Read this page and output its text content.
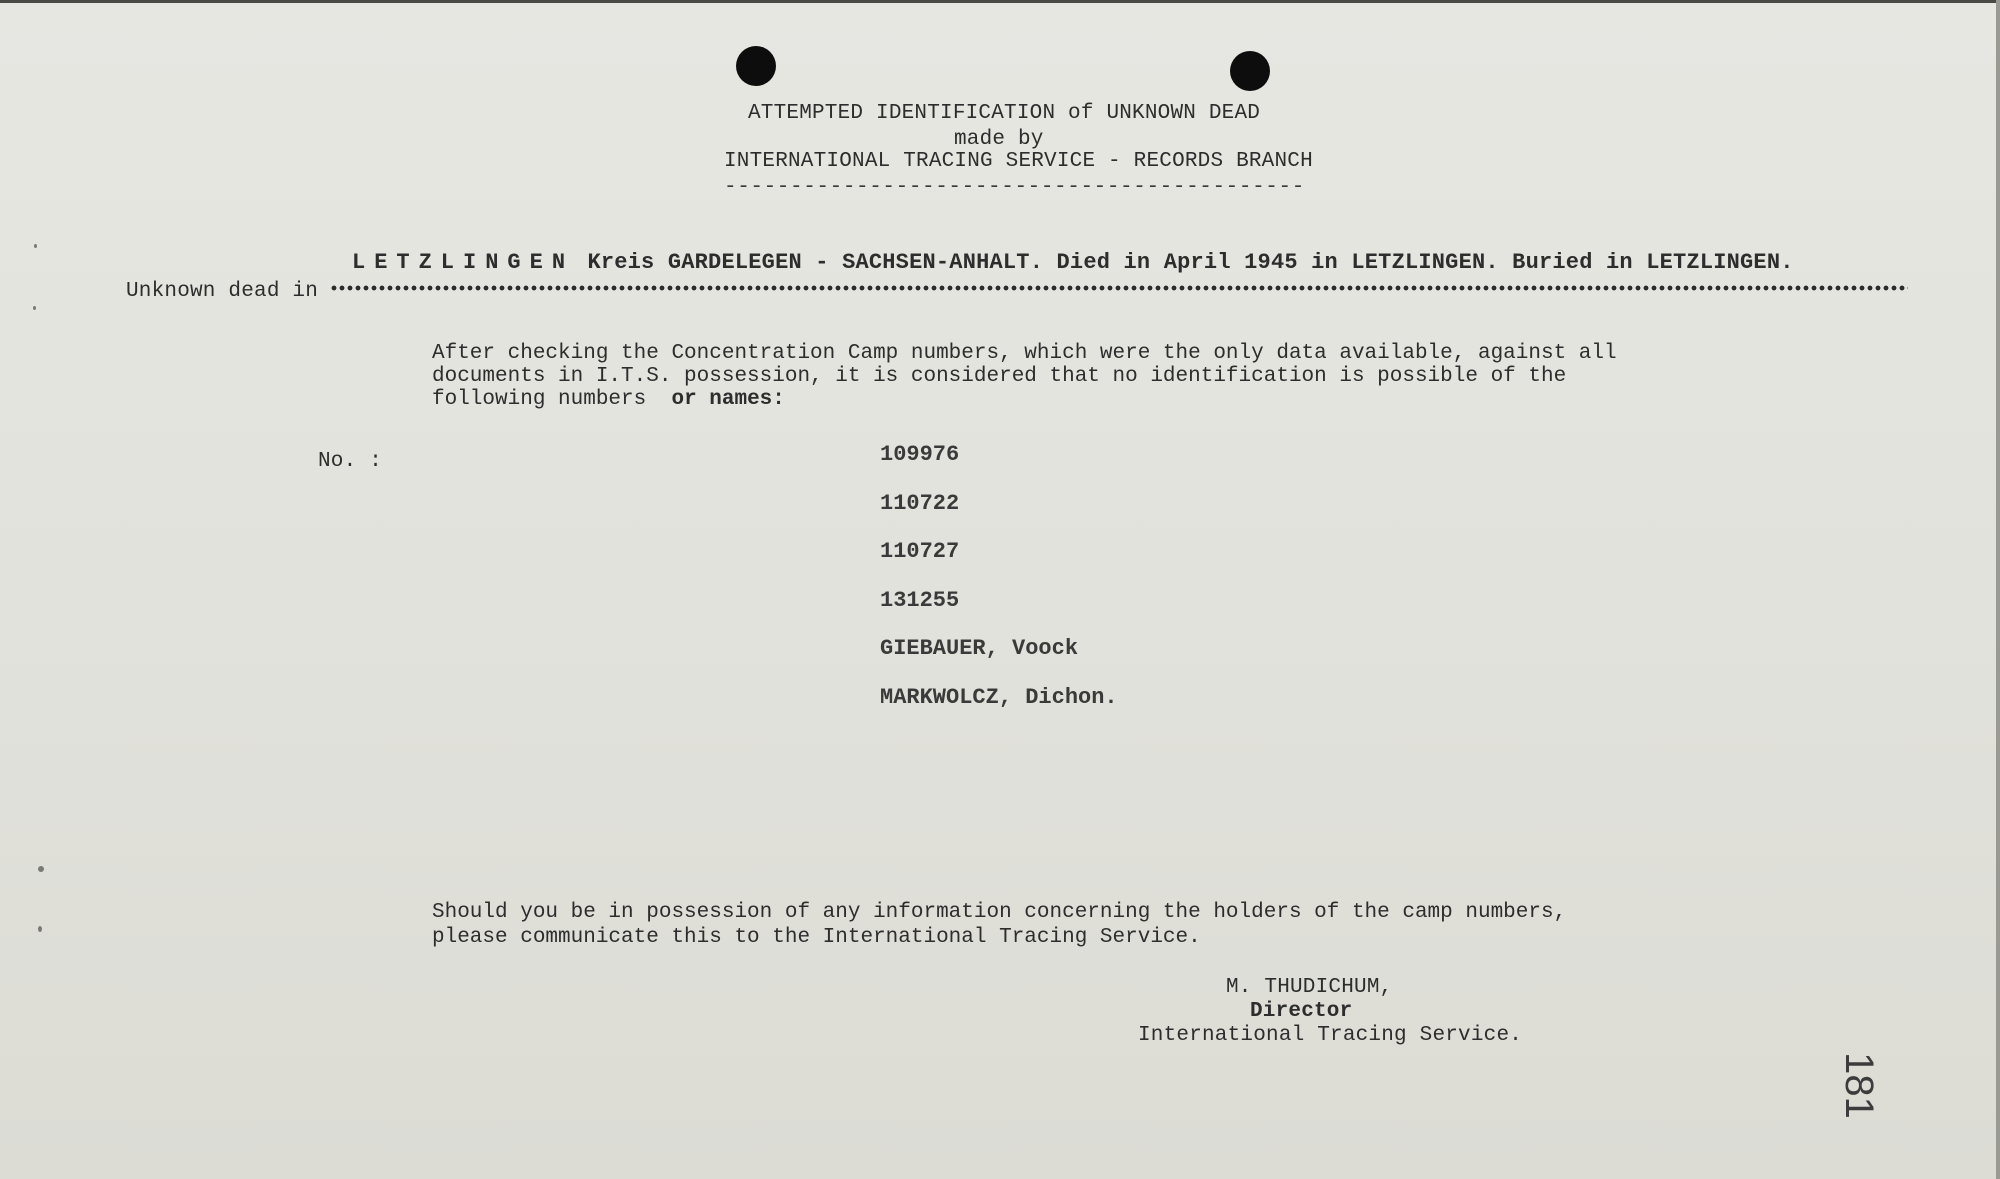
ATTEMPTED IDENTIFICATION of UNKNOWN DEAD
made by
INTERNATIONAL TRACING SERVICE - RECORDS BRANCH
--------------------------------------------
LETZLINGEN Kreis GARDELEGEN - SACHSEN-ANHALT. Died in April 1945 in LETZLINGEN. Buried in LETZLINGEN.
Unknown dead in
After checking the Concentration Camp numbers, which were the only data available, against all
documents in I.T.S. possession, it is considered that no identification is possible of the
following numbers or names:
No. :	109976
110722
110727
131255
GIEBAUER, Voock
MARKWOLCZ, Dichon.
Should you be in possession of any information concerning the holders of the camp numbers,
please communicate this to the International Tracing Service.
M. THUDICHUM,
Director
International Tracing Service.
181
